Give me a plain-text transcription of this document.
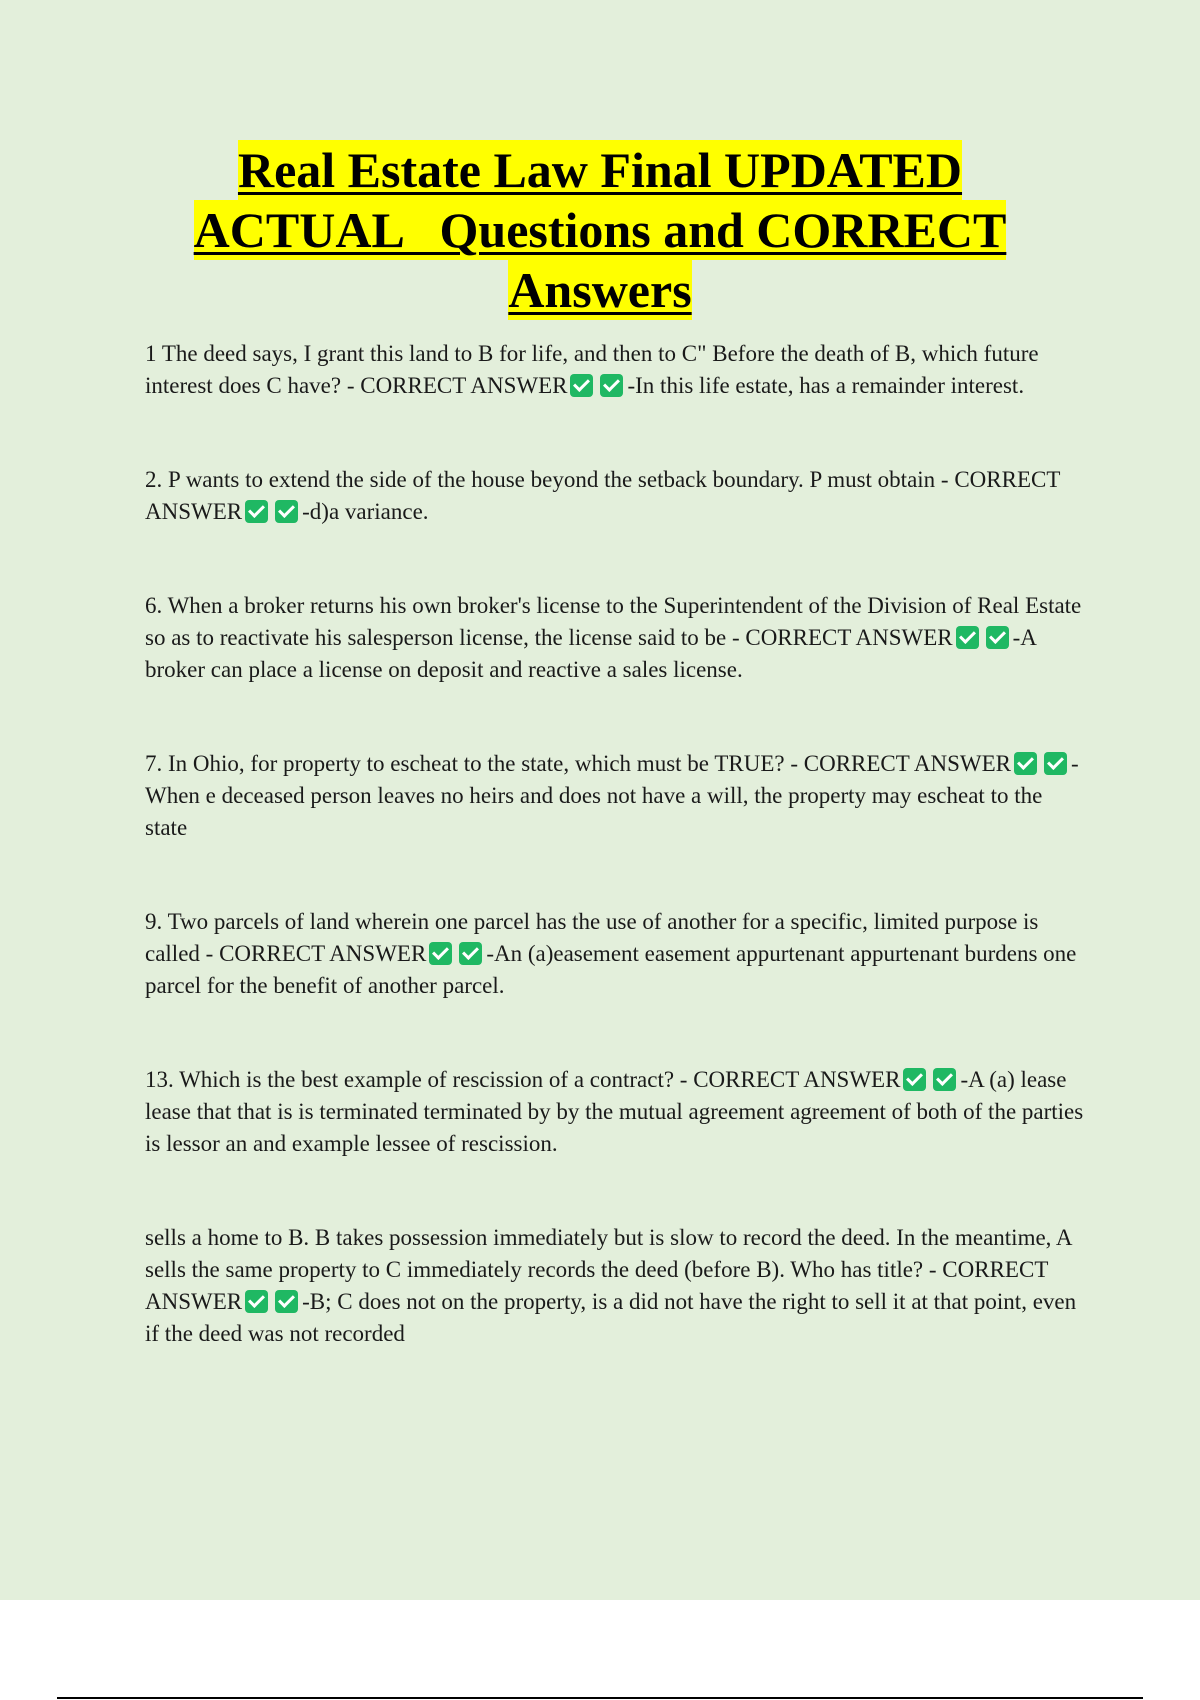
Real Estate Law Final UPDATED
ACTUAL   Questions and CORRECT
Answers

1 The deed says, I grant this land to B for life, and then to C" Before the death of B, which future interest does C have? - CORRECT ANSWER	-In this life estate, has a remainder interest.

2. P wants to extend the side of the house beyond the setback boundary. P must obtain - CORRECT ANSWER	-d)a variance.

6. When a broker returns his own broker's license to the Superintendent of the Division of Real Estate so as to reactivate his salesperson license, the license said to be - CORRECT ANSWER	-A broker can place a license on deposit and reactive a sales license.

7. In Ohio, for property to escheat to the state, which must be TRUE? - CORRECT ANSWER	-When e deceased person leaves no heirs and does not have a will, the property may escheat to the state

9. Two parcels of land wherein one parcel has the use of another for a specific, limited purpose is called - CORRECT ANSWER	-An (a)easement easement appurtenant appurtenant burdens one parcel for the benefit of another parcel.

13. Which is the best example of rescission of a contract? - CORRECT ANSWER	-A (a) lease lease that that is is terminated terminated by by the mutual agreement agreement of both of the parties is lessor an and example lessee of rescission.

sells a home to B. B takes possession immediately but is slow to record the deed. In the meantime, A sells the same property to C immediately records the deed (before B). Who has title? - CORRECT ANSWER	-B; C does not on the property, is a did not have the right to sell it at that point, even if the deed was not recorded
